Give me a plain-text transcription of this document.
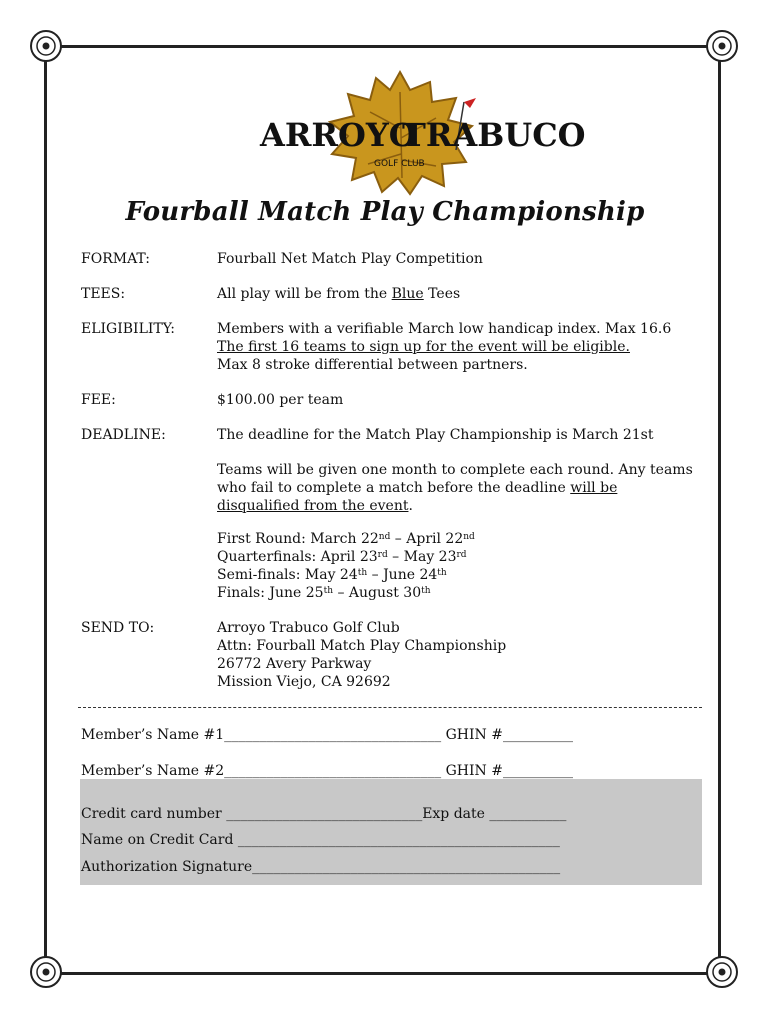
ARROYO
TRABUCO
GOLF CLUB
Fourball Match Play Championship
FORMAT:	Fourball Net Match Play Competition
TEES:	All play will be from the Blue Tees
ELIGIBILITY:	Members with a verifiable March low handicap index. Max 16.6
The first 16 teams to sign up for the event will be eligible.
Max 8 stroke differential between partners.
FEE:	$100.00 per team
DEADLINE:	The deadline for the Match Play Championship is March 21st
Teams will be given one month to complete each round. Any teams
who fail to complete a match before the deadline will be
disqualified from the event.
First Round: March 22nd – April 22nd
Quarterfinals: April 23rd – May 23rd
Semi-finals: May 24th – June 24th
Finals: June 25th – August 30th
SEND TO:	Arroyo Trabuco Golf Club
Attn: Fourball Match Play Championship
26772 Avery Parkway
Mission Viejo, CA 92692
Member’s Name #1_______________________________ GHIN #__________
Member’s Name #2_______________________________ GHIN #__________
Credit card number ____________________________Exp date ___________
Name on Credit Card ______________________________________________
Authorization Signature____________________________________________
